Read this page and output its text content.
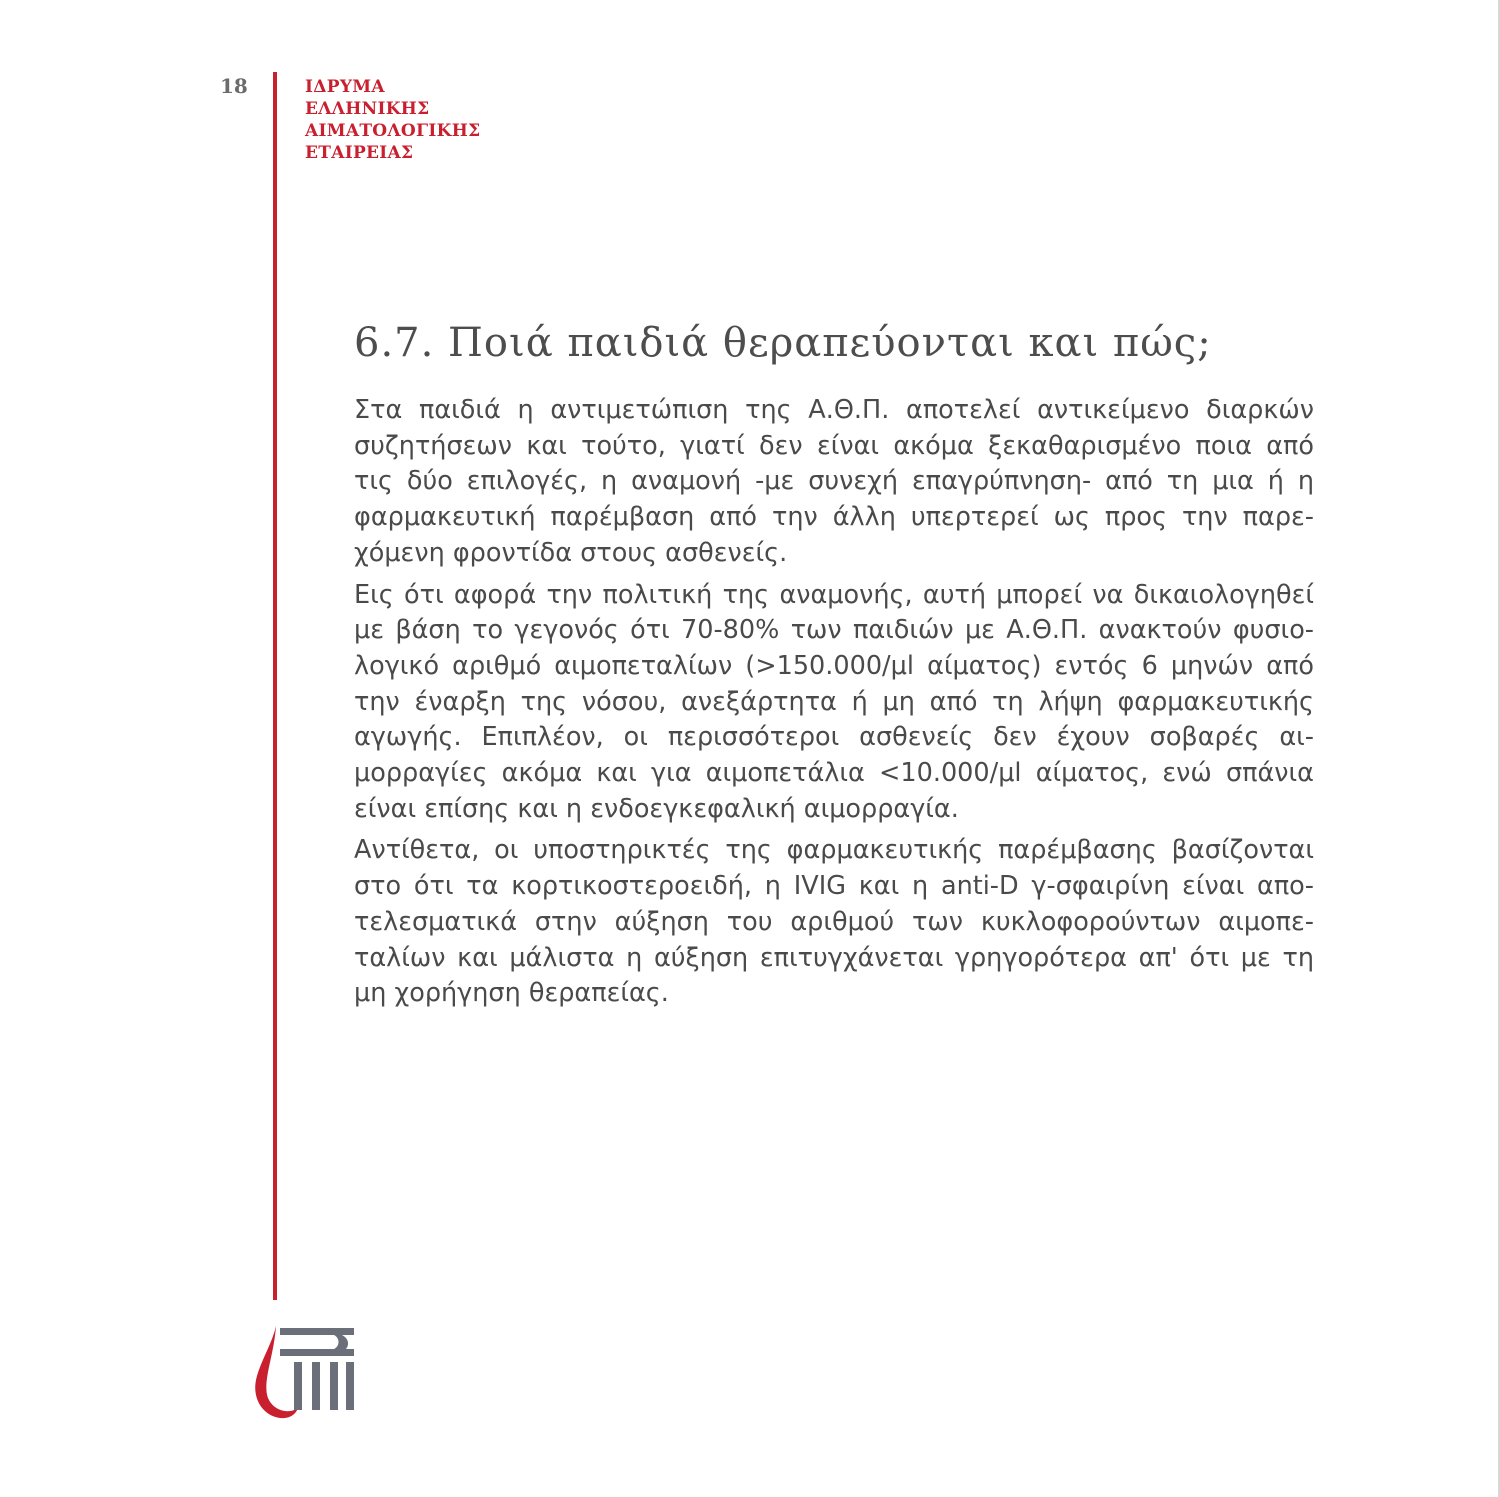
18	ΙΔΡΥΜΑ
ΕΛΛΗΝΙΚΗΣ
ΑΙΜΑΤΟΛΟΓΙΚΗΣ
ΕΤΑΙΡΕΙΑΣ
6.7. Ποιά παιδιά θεραπεύονται και πώς;
Στα παιδιά η αντιμετώπιση της Α.Θ.Π. αποτελεί αντικείμενο διαρκών
συζητήσεων και τούτο, γιατί δεν είναι ακόμα ξεκαθαρισμένο ποια από
τις δύο επιλογές, η αναμονή -με συνεχή επαγρύπνηση- από τη μια ή η
φαρμακευτική παρέμβαση από την άλλη υπερτερεί ως προς την παρε-
χόμενη φροντίδα στους ασθενείς.
Εις ότι αφορά την πολιτική της αναμονής, αυτή μπορεί να δικαιολογηθεί
με βάση το γεγονός ότι 70-80% των παιδιών με Α.Θ.Π. ανακτούν φυσιο-
λογικό αριθμό αιμοπεταλίων (>150.000/μl αίματος) εντός 6 μηνών από
την έναρξη της νόσου, ανεξάρτητα ή μη από τη λήψη φαρμακευτικής
αγωγής. Επιπλέον, οι περισσότεροι ασθενείς δεν έχουν σοβαρές αι-
μορραγίες ακόμα και για αιμοπετάλια <10.000/μl αίματος, ενώ σπάνια
είναι επίσης και η ενδοεγκεφαλική αιμορραγία.
Αντίθετα, οι υποστηρικτές της φαρμακευτικής παρέμβασης βασίζονται
στο ότι τα κορτικοστεροειδή, η IVIG και η anti-D γ-σφαιρίνη είναι απο-
τελεσματικά στην αύξηση του αριθμού των κυκλοφορούντων αιμοπε-
ταλίων και μάλιστα η αύξηση επιτυγχάνεται γρηγορότερα απ' ότι με τη
μη χορήγηση θεραπείας.
